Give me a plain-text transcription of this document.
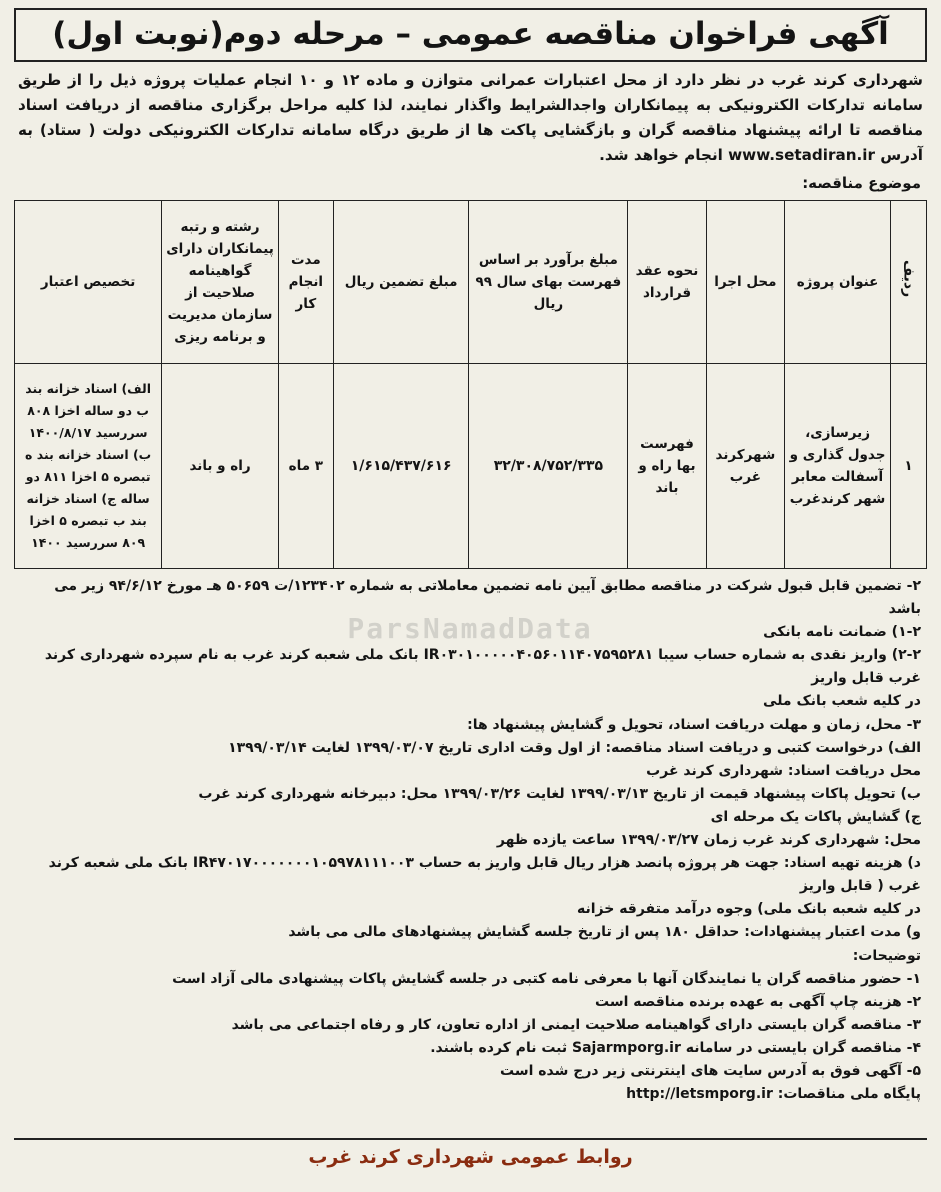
آگهی فراخوان مناقصه عمومی – مرحله دوم(نوبت اول)
شهرداری کرند غرب در نظر دارد از محل اعتبارات عمرانی متوازن و ماده ۱۲ و ۱۰ انجام عملیات پروژه ذیل را از طریق سامانه تدارکات الکترونیکی به پیمانکاران واجدالشرایط واگذار نمایند، لذا کلیه مراحل برگزاری مناقصه از دریافت اسناد مناقصه تا ارائه پیشنهاد مناقصه گران و بازگشایی پاکت ها از طریق درگاه سامانه تدارکات الکترونیکی دولت ( ستاد) به آدرس www.setadiran.ir انجام خواهد شد.
موضوع مناقصه:
ردیف	عنوان پروژه	محل اجرا	نحوه عقد قرارداد	مبلغ برآورد بر اساس فهرست بهای سال ۹۹ ریال	مبلغ تضمین ریال	مدت انجام کار	رشته و رتبه پیمانکاران دارای گواهینامه صلاحیت از سازمان مدیریت و برنامه ریزی	تخصیص اعتبار
۱	زیرسازی، جدول گذاری و آسفالت معابر شهر کرندغرب	شهرکرند غرب	فهرست بها راه و باند	۳۲/۳۰۸/۷۵۲/۳۳۵	۱/۶۱۵/۴۳۷/۶۱۶	۳ ماه	راه و باند	الف) اسناد خزانه بند ب دو ساله اخزا ۸۰۸ سررسید ۱۴۰۰/۸/۱۷ ب) اسناد خزانه بند ه تبصره ۵ اخزا ۸۱۱ دو ساله ج) اسناد خزانه بند ب تبصره ۵ اخزا ۸۰۹ سررسید ۱۴۰۰
ParsNamadData

۲- تضمین قابل قبول شرکت در مناقصه مطابق آیین نامه تضمین معاملاتی به شماره ۱۲۳۴۰۲/ت ۵۰۶۵۹ هـ مورخ ۹۴/۶/۱۲ زیر می باشد

۱-۲) ضمانت نامه بانکی

۲-۲) واریز نقدی به شماره حساب سیبا IR۰۳۰۱۰۰۰۰۰۴۰۵۶۰۱۱۴۰۷۵۹۵۲۸۱ بانک ملی شعبه کرند غرب به نام سپرده شهرداری کرند غرب قابل واریز

در کلیه شعب بانک ملی

۳- محل، زمان و مهلت دریافت اسناد، تحویل و گشایش پیشنهاد ها:

الف) درخواست کتبی و دریافت اسناد مناقصه: از اول وقت اداری تاریخ ۱۳۹۹/۰۳/۰۷ لغایت ۱۳۹۹/۰۳/۱۴

محل دریافت اسناد: شهرداری کرند غرب

ب) تحویل پاکات پیشنهاد قیمت از تاریخ ۱۳۹۹/۰۳/۱۳ لغایت ۱۳۹۹/۰۳/۲۶ محل: دبیرخانه شهرداری کرند غرب

ج) گشایش پاکات یک مرحله ای

محل: شهرداری کرند غرب زمان ۱۳۹۹/۰۳/۲۷ ساعت یازده ظهر

د) هزینه تهیه اسناد: جهت هر پروژه پانصد هزار ریال قابل واریز به حساب IR۴۷۰۱۷۰۰۰۰۰۰۰۱۰۵۹۷۸۱۱۱۰۰۳ بانک ملی شعبه کرند غرب ( قابل واریز

در کلیه شعبه بانک ملی) وجوه درآمد متفرقه خزانه

و) مدت اعتبار پیشنهادات: حداقل ۱۸۰ پس از تاریخ جلسه گشایش پیشنهادهای مالی می باشد

توضیحات:

۱- حضور مناقصه گران یا نمایندگان آنها با معرفی نامه کتبی در جلسه گشایش پاکات پیشنهادی مالی آزاد است

۲- هزینه چاپ آگهی به عهده برنده مناقصه است

۳- مناقصه گران بایستی دارای گواهینامه صلاحیت ایمنی از اداره تعاون، کار و رفاه اجتماعی می باشد

۴- مناقصه گران بایستی در سامانه Sajarmporg.ir ثبت نام کرده باشند.

۵- آگهی فوق به آدرس سایت های اینترنتی زیر درج شده است

پایگاه ملی مناقصات: http://letsmporg.ir

روابط عمومی شهرداری کرند غرب
